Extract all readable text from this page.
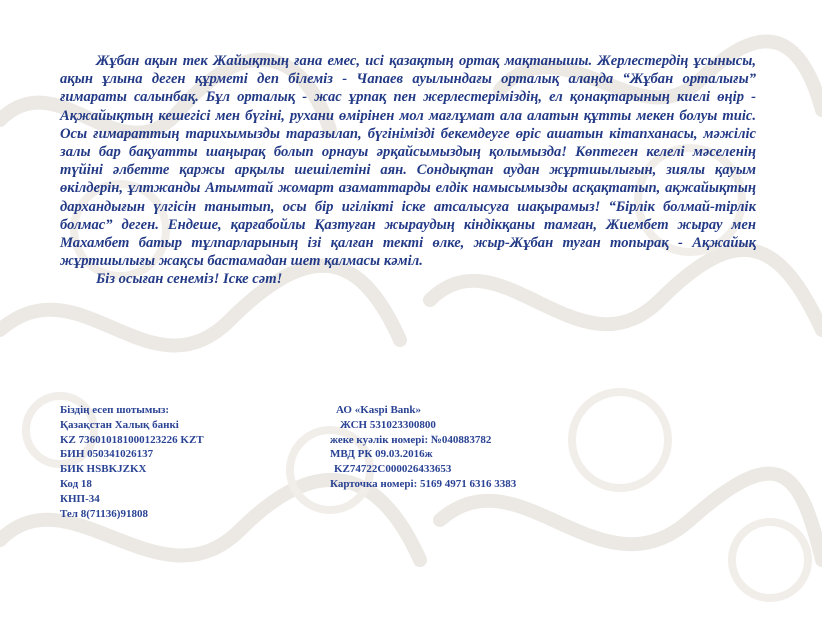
Жұбан ақын тек Жайықтың ғана емес, исі қазақтың ортақ мақтанышы. Жерлестердің ұсынысы, ақын ұлына деген құрметі деп білеміз - Чапаев ауылындағы орталық алаңда “Жұбан орталығы” ғимараты салынбақ. Бұл орталық - жас ұрпақ пен жерлестеріміздің, ел қонақтарының киелі өңір - Ақжайықтың кешегісі мен бүгіні, рухани өмірінен мол мағлұмат ала алатын құтты мекен болуы тиіс. Осы ғимараттың тарихымызды таразылап, бүгінімізді бекемдеуге өріс ашатын кітапханасы, мәжіліс залы бар бақуатты шаңырақ болып орнауы әрқайсымыздың қолымызда! Көптеген келелі мәселенің түйіні әлбетте қаржы арқылы шешілетіні аян. Сондықтан аудан жұртшылығын, зиялы қауым өкілдерін, ұлтжанды Атымтай жомарт азаматтарды елдік намысымызды асқақтатып, ақжайықтың дархандығын үлгісін танытып, осы бір игілікті іске атсалысуға шақырамыз! “Бірлік болмай-тірлік болмас” деген. Ендеше, қарғабойлы Қазтуған жыраудың кіндікқаны тамған, Жиембет жырау мен Махамбет батыр тұлпарларының ізі қалған текті өлке, жыр-Жұбан туған топырақ - Ақжайық жұртшылығы жақсы бастамадан шет қалмасы кәміл.

Біз осыған сенеміз! Іске сәт!

Біздің есеп шотымыз:
Қазақстан Халық банкі
KZ 736010181000123226 KZT
БИН 050341026137
БИК HSBKJZKX
Код 18
КНП-34
Тел 8(71136)91808
АО «Kaspi Bank»
ЖСН 531023300800
жеке куәлік номері: №040883782
МВД РК 09.03.2016ж
KZ74722C000026433653
Карточка номері: 5169 4971 6316 3383
